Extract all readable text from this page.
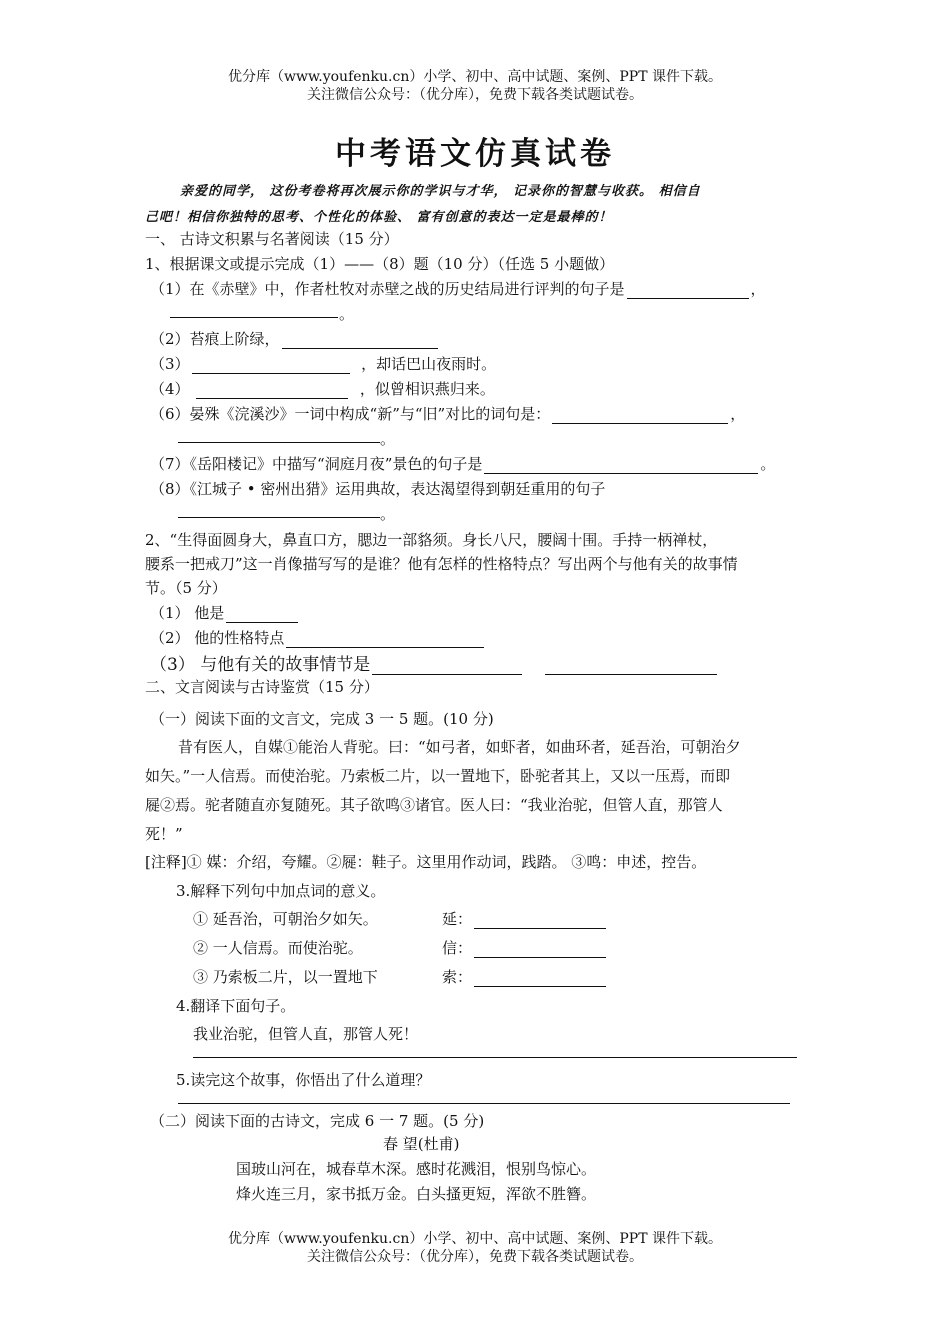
优分库（www.youfenku.cn）小学、初中、高中试题、案例、PPT 课件下载。
关注微信公众号：（优分库），免费下载各类试题试卷。
中考语文仿真试卷
亲爱的同学， 这份考卷将再次展示你的学识与才华， 记录你的智慧与收获。 相信自
己吧！相信你独特的思考、个性化的体验、 富有创意的表达一定是最棒的！
一、 古诗文积累与名著阅读（15 分）
1、根据课文或提示完成（1）——（8）题（10 分）（任选 5 小题做）
（1）在《赤壁》中，作者杜牧对赤壁之战的历史结局进行评判的句子是	，
。
（2）苔痕上阶绿，
（3）	，却话巴山夜雨时。
（4）	，似曾相识燕归来。
（6）晏殊《浣溪沙》一词中构成“新”与“旧”对比的词句是：	，
。
（7）《岳阳楼记》中描写“洞庭月夜”景色的句子是	。
（8）《江城子 • 密州出猎》运用典故，表达渴望得到朝廷重用的句子
。
2、“生得面圆身大，鼻直口方，腮边一部貉须。身长八尺，腰阔十围。手持一柄禅杖，
腰系一把戒刀”这一肖像描写写的是谁？他有怎样的性格特点？写出两个与他有关的故事情
节。（5 分）
（1） 他是
（2） 他的性格特点
（3） 与他有关的故事情节是
二、文言阅读与古诗鉴赏（15 分）
（一）阅读下面的文言文，完成 3 一 5 题。(10 分)
昔有医人，自媒①能治人背驼。曰：“如弓者，如虾者，如曲环者，延吾治，可朝治夕
如矢。”一人信焉。而使治驼。乃索板二片，以一置地下，卧驼者其上，又以一压焉，而即
屣②焉。驼者随直亦复随死。其子欲鸣③诸官。医人曰：“我业治驼，但管人直，那管人
死！”
[注释]① 媒：介绍，夸耀。②屣：鞋子。这里用作动词，践踏。 ③鸣：申述，控告。
3.解释下列句中加点词的意义。
① 延吾治，可朝治夕如矢。	延：
② 一人信焉。而使治驼。	信：
③ 乃索板二片，以一置地下	索：
4.翻译下面句子。
我业治驼，但管人直，那管人死！
5.读完这个故事，你悟出了什么道理？
（二）阅读下面的古诗文，完成 6 一 7 题。(5 分)
春 望(杜甫)
国玻山河在，城春草木深。感时花溅泪，恨别鸟惊心。
烽火连三月，家书抵万金。白头搔更短，浑欲不胜簪。
优分库（www.youfenku.cn）小学、初中、高中试题、案例、PPT 课件下载。
关注微信公众号：（优分库），免费下载各类试题试卷。
